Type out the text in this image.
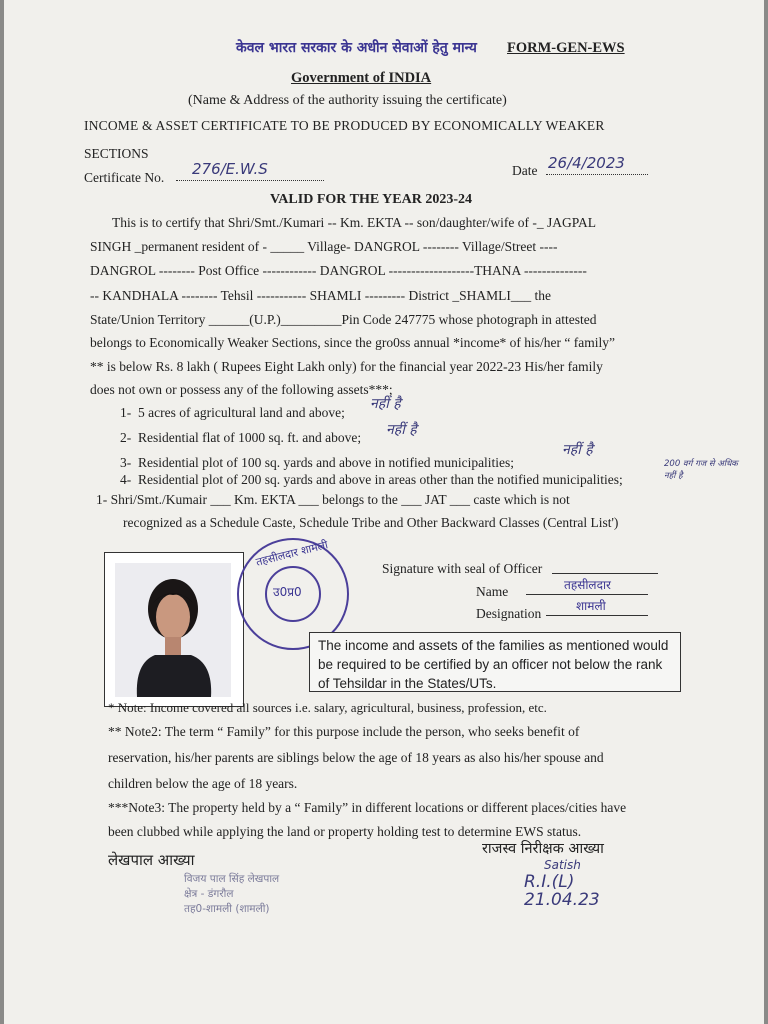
केवल भारत सरकार के अधीन सेवाओं हेतु मान्य FORM-GEN-EWS
Government of INDIA
(Name & Address of the authority issuing the certificate)
INCOME & ASSET CERTIFICATE TO BE PRODUCED BY ECONOMICALLY WEAKER
SECTIONS
Certificate No. 276/E.W.S	Date 26/4/2023
VALID FOR THE YEAR 2023-24
This is to certify that Shri/Smt./Kumari -- Km. EKTA -- son/daughter/wife of -_ JAGPAL
SINGH _permanent resident of - _____ Village- DANGROL -------- Village/Street ----
DANGROL -------- Post Office ------------ DANGROL -------------------THANA --------------
-- KANDHALA -------- Tehsil ----------- SHAMLI --------- District _SHAMLI___ the
State/Union Territory ______(U.P.)_________Pin Code 247775 whose photograph in attested
belongs to Economically Weaker Sections, since the gro0ss annual *income* of his/her “ family”
** is below Rs. 8 lakh ( Rupees Eight Lakh only) for the financial year 2022-23 His/her family
does not own or possess any of the following assets***;
1- 5 acres of agricultural land and above;
नहीं है
2- Residential flat of 1000 sq. ft. and above; नहीं है
3- Residential plot of 100 sq. yards and above in notified municipalities;
नहीं है
4- Residential plot of 200 sq. yards and above in areas other than the notified municipalities;
200 वर्ग गज से अधिक नहीं है
1- Shri/Smt./Kumair ___ Km. EKTA ___ belongs to the ___ JAT ___ caste which is not
recognized as a Schedule Caste, Schedule Tribe and Other Backward Classes (Central List')
तहसीलदार शामली
उ0प्र0
Signature with seal of Officer
Name	तहसीलदार
Designation	शामली
The income and assets of the families as mentioned would be required to be certified by an officer not below the rank of Tehsildar in the States/UTs.
* Note: Income covered all sources i.e. salary, agricultural, business, profession, etc.
** Note2: The term “ Family” for this purpose include the person, who seeks benefit of
reservation, his/her parents are siblings below the age of 18 years as also his/her spouse and
children below the age of 18 years.
***Note3: The property held by a “ Family” in different locations or different places/cities have
been clubbed while applying the land or property holding test to determine EWS status.
लेखपाल आख्या
विजय पाल सिंह लेखपाल
क्षेत्र - डंगरौल
तह0-शामली (शामली)
राजस्व निरीक्षक आख्या
Satish
R.I.(L)
21.04.23
